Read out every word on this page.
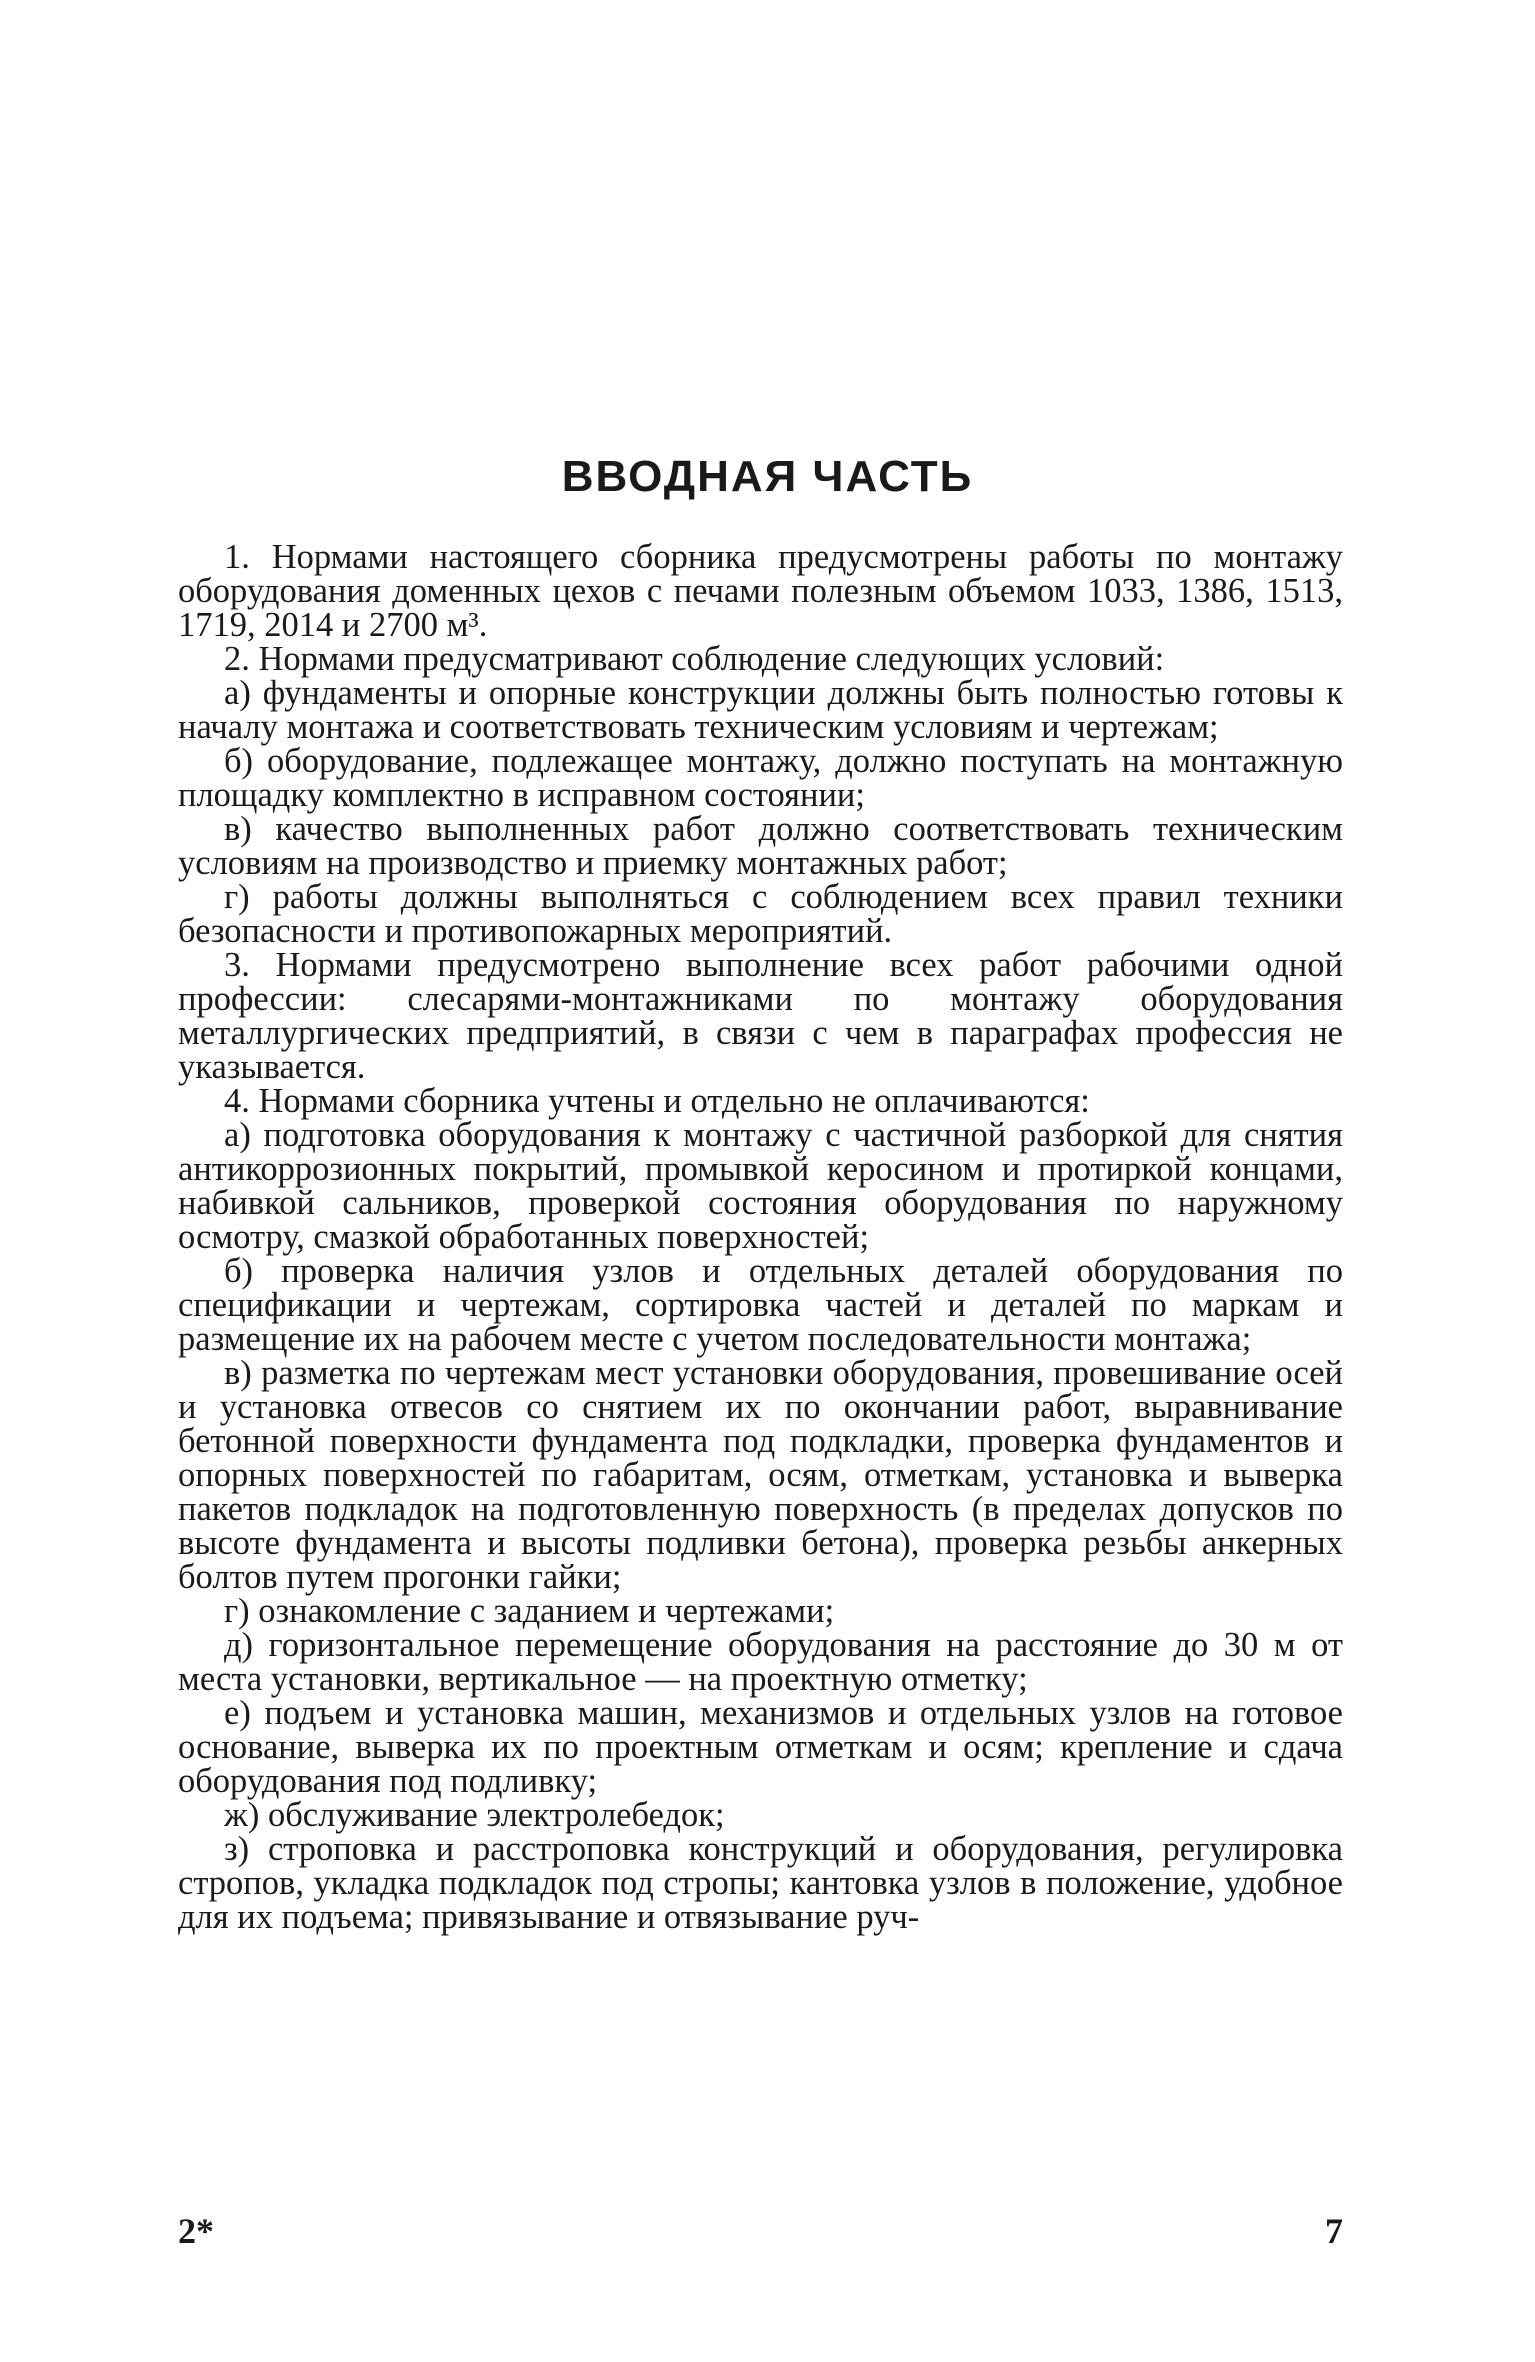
ВВОДНАЯ ЧАСТЬ

1. Нормами настоящего сборника предусмотрены работы по монтажу оборудования доменных цехов с печами полезным объемом 1033, 1386, 1513, 1719, 2014 и 2700 м³.

2. Нормами предусматривают соблюдение следующих условий:

а) фундаменты и опорные конструкции должны быть полностью готовы к началу монтажа и соответствовать техническим условиям и чертежам;

б) оборудование, подлежащее монтажу, должно поступать на монтажную площадку комплектно в исправном состоянии;

в) качество выполненных работ должно соответствовать техническим условиям на производство и приемку монтажных работ;

г) работы должны выполняться с соблюдением всех правил техники безопасности и противопожарных мероприятий.

3. Нормами предусмотрено выполнение всех работ рабочими одной профессии: слесарями-монтажниками по монтажу оборудования металлургических предприятий, в связи с чем в параграфах профессия не указывается.

4. Нормами сборника учтены и отдельно не оплачиваются:

а) подготовка оборудования к монтажу с частичной разборкой для снятия антикоррозионных покрытий, промывкой керосином и протиркой концами, набивкой сальников, проверкой состояния оборудования по наружному осмотру, смазкой обработанных поверхностей;

б) проверка наличия узлов и отдельных деталей оборудования по спецификации и чертежам, сортировка частей и деталей по маркам и размещение их на рабочем месте с учетом последовательности монтажа;

в) разметка по чертежам мест установки оборудования, провешивание осей и установка отвесов со снятием их по окончании работ, выравнивание бетонной поверхности фундамента под подкладки, проверка фундаментов и опорных поверхностей по габаритам, осям, отметкам, установка и выверка пакетов подкладок на подготовленную поверхность (в пределах допусков по высоте фундамента и высоты подливки бетона), проверка резьбы анкерных болтов путем прогонки гайки;

г) ознакомление с заданием и чертежами;

д) горизонтальное перемещение оборудования на расстояние до 30 м от места установки, вертикальное — на проектную отметку;

е) подъем и установка машин, механизмов и отдельных узлов на готовое основание, выверка их по проектным отметкам и осям; крепление и сдача оборудования под подливку;

ж) обслуживание электролебедок;

з) строповка и расстроповка конструкций и оборудования, регулировка стропов, укладка подкладок под стропы; кантовка узлов в положение, удобное для их подъема; привязывание и отвязывание руч-

2*	7
